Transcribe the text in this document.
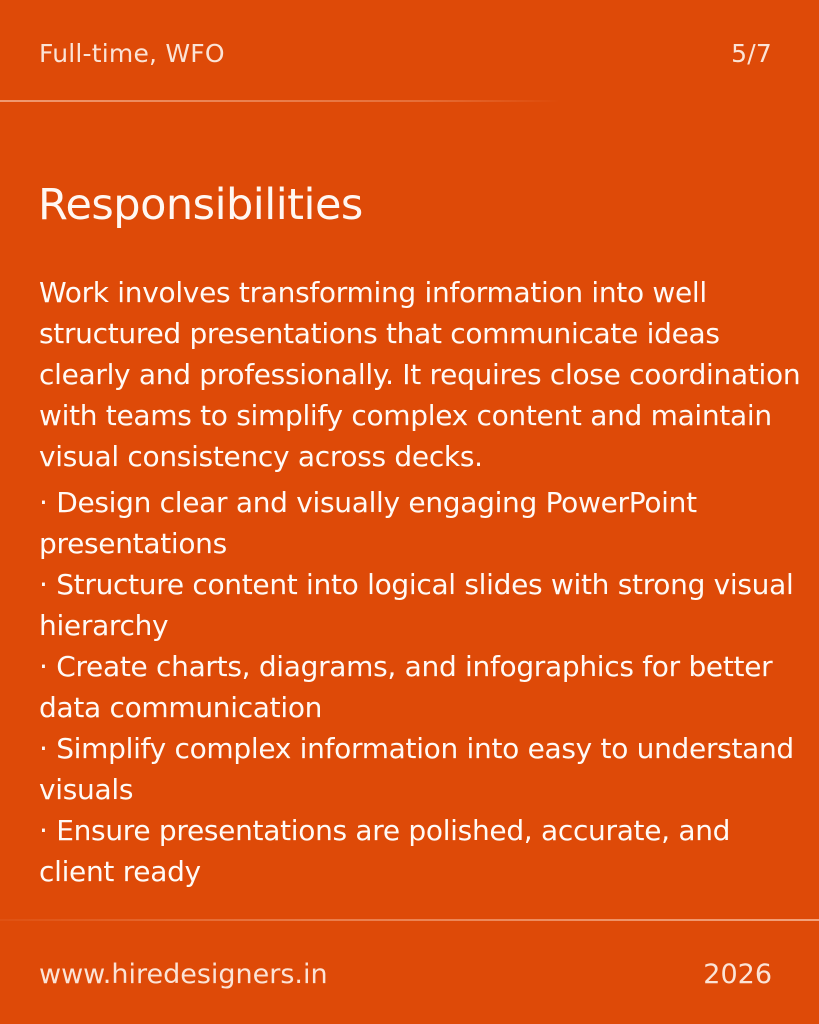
Full-time, WFO	5/7
Responsibilities

Work involves transforming information into well structured presentations that communicate ideas clearly and professionally. It requires close coordination with teams to simplify complex content and maintain visual consistency across decks.

· Design clear and visually engaging PowerPoint presentations
· Structure content into logical slides with strong visual hierarchy
· Create charts, diagrams, and infographics for better data communication
· Simplify complex information into easy to understand visuals
· Ensure presentations are polished, accurate, and client ready
www.hiredesigners.in	2026
